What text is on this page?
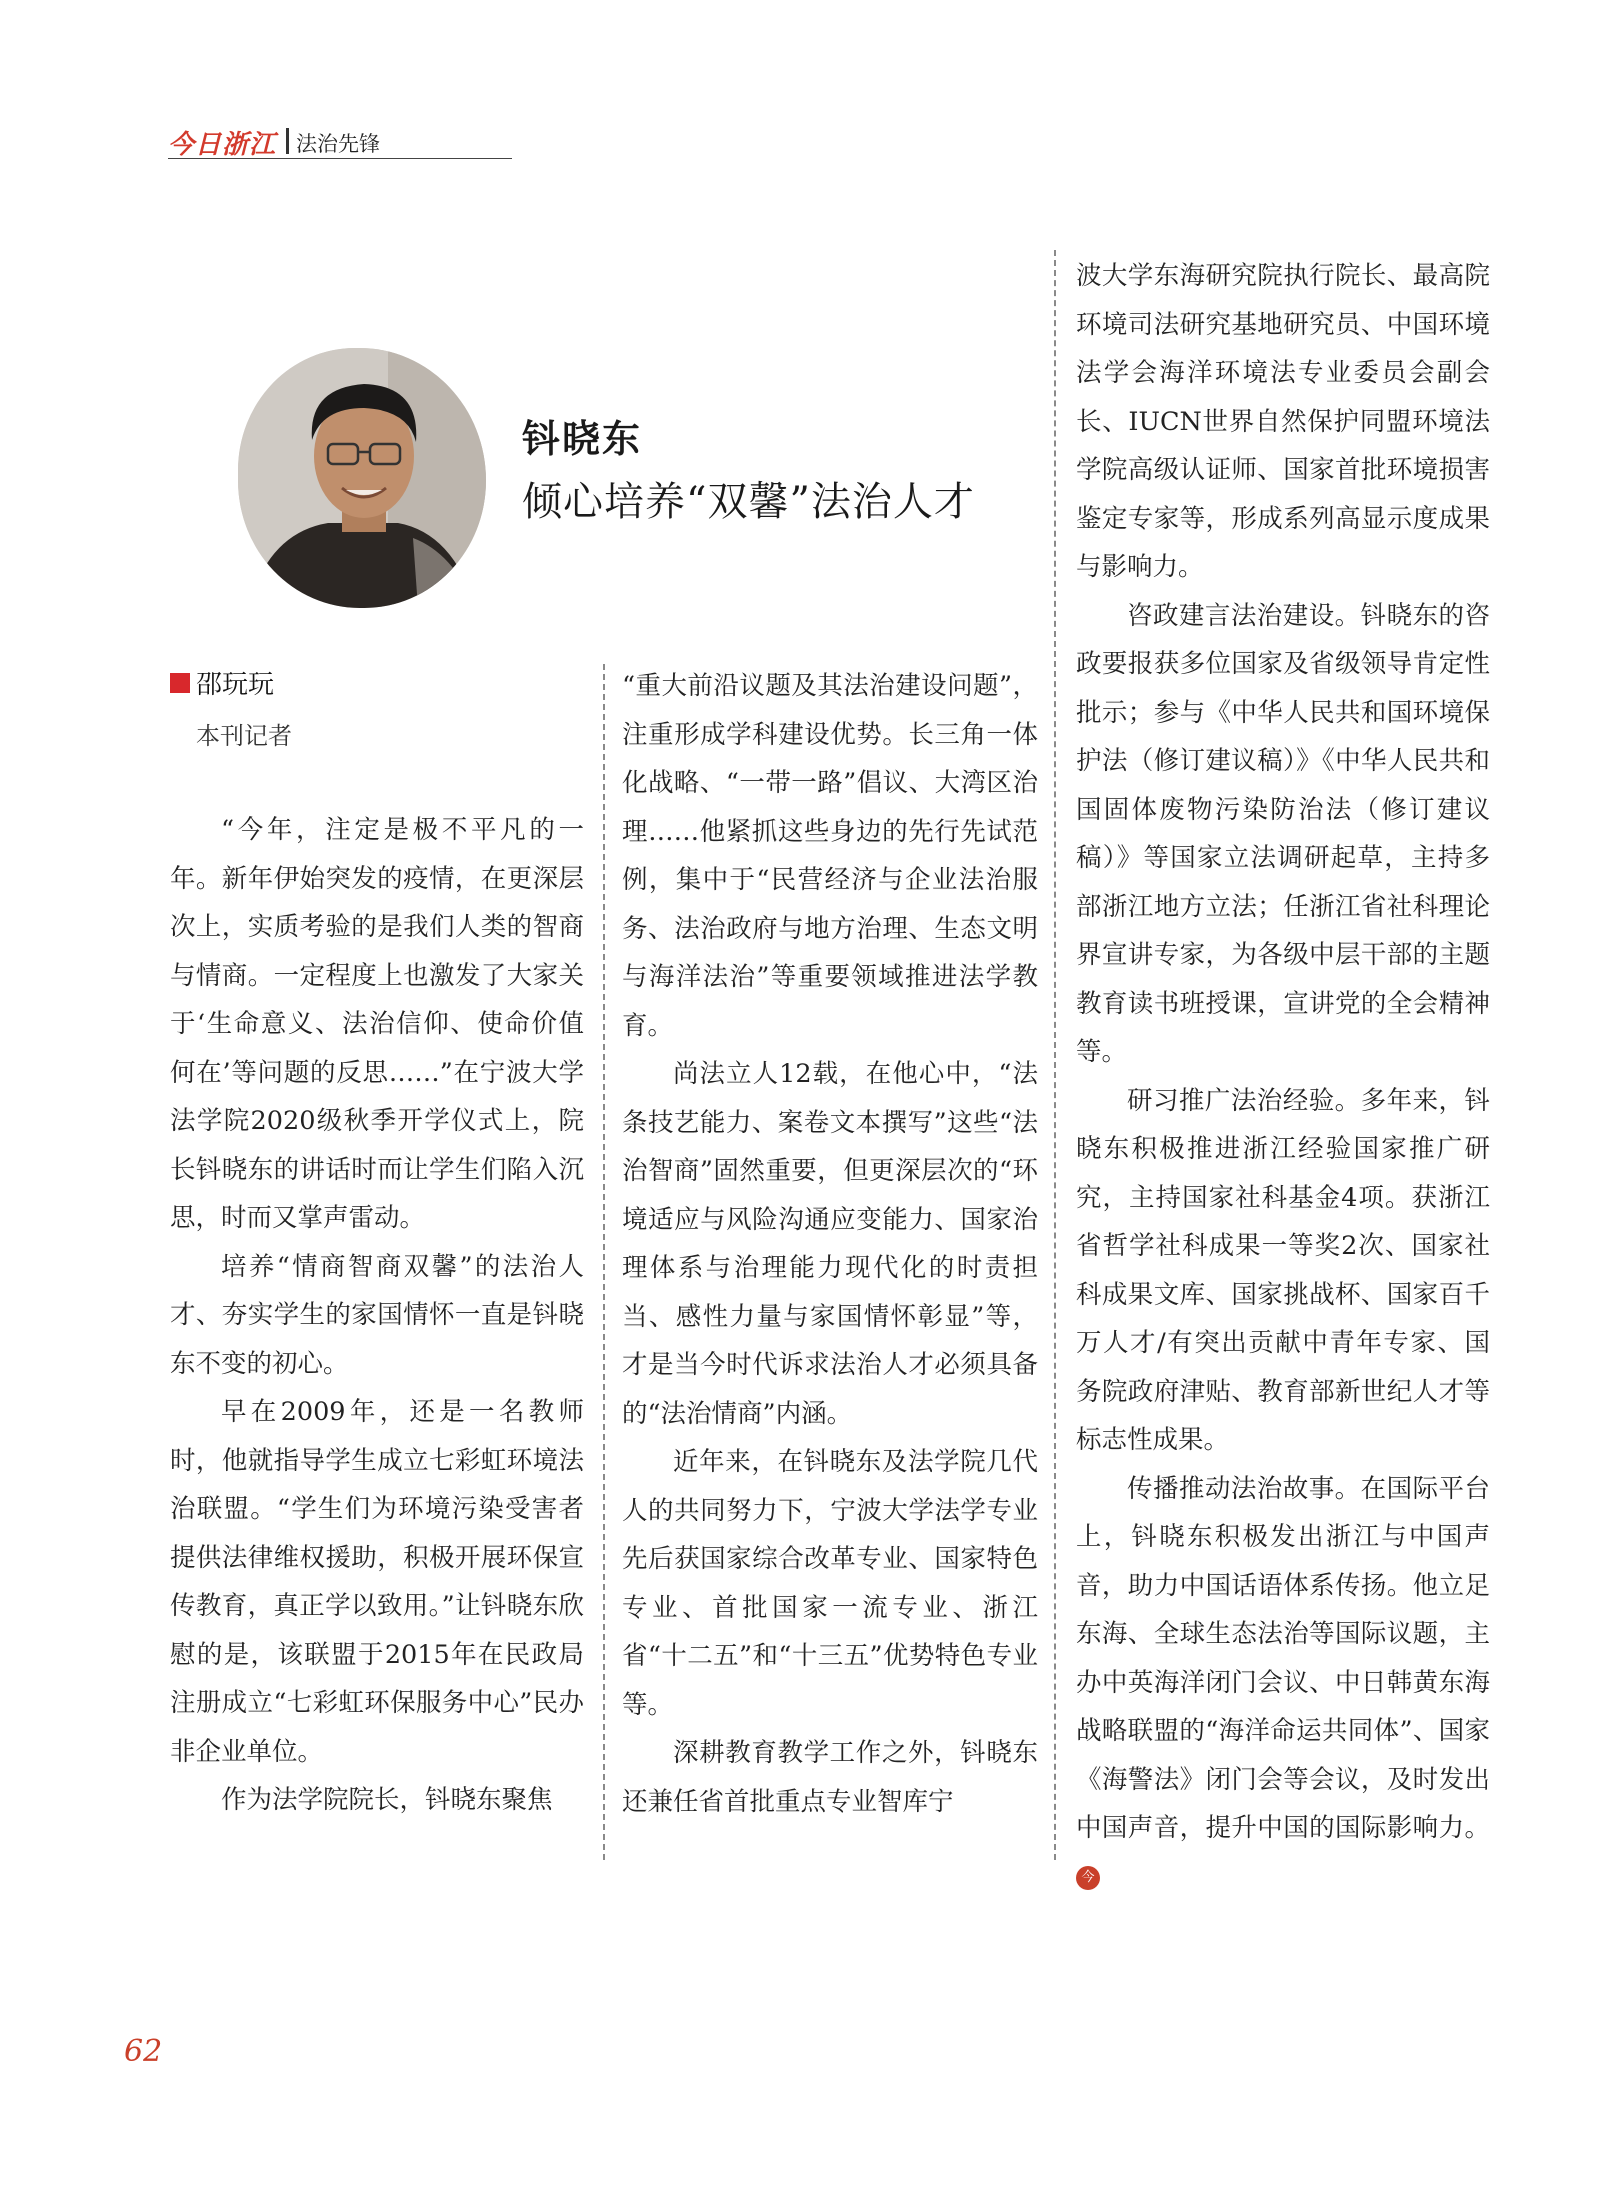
今日浙江 法治先锋
钭晓东
倾心培养“双馨”法治人才
邵玩玩
本刊记者

“今年，注定是极不平凡的一年。新年伊始突发的疫情，在更深层次上，实质考验的是我们人类的智商与情商。一定程度上也激发了大家关于‘生命意义、法治信仰、使命价值何在’等问题的反思……”在宁波大学法学院2020级秋季开学仪式上，院长钭晓东的讲话时而让学生们陷入沉思，时而又掌声雷动。

培养“情商智商双馨”的法治人才、夯实学生的家国情怀一直是钭晓东不变的初心。

早在2009年，还是一名教师时，他就指导学生成立七彩虹环境法治联盟。“学生们为环境污染受害者提供法律维权援助，积极开展环保宣传教育，真正学以致用。”让钭晓东欣慰的是，该联盟于2015年在民政局注册成立“七彩虹环保服务中心”民办非企业单位。

作为法学院院长，钭晓东聚焦

“重大前沿议题及其法治建设问题”，注重形成学科建设优势。长三角一体化战略、“一带一路”倡议、大湾区治理……他紧抓这些身边的先行先试范例，集中于“民营经济与企业法治服务、法治政府与地方治理、生态文明与海洋法治”等重要领域推进法学教育。

尚法立人12载，在他心中，“法条技艺能力、案卷文本撰写”这些“法治智商”固然重要，但更深层次的“环境适应与风险沟通应变能力、国家治理体系与治理能力现代化的时责担当、感性力量与家国情怀彰显”等，才是当今时代诉求法治人才必须具备的“法治情商”内涵。

近年来，在钭晓东及法学院几代人的共同努力下，宁波大学法学专业先后获国家综合改革专业、国家特色专业、首批国家一流专业、浙江省“十二五”和“十三五”优势特色专业等。

深耕教育教学工作之外，钭晓东还兼任省首批重点专业智库宁

波大学东海研究院执行院长、最高院环境司法研究基地研究员、中国环境法学会海洋环境法专业委员会副会长、IUCN世界自然保护同盟环境法学院高级认证师、国家首批环境损害鉴定专家等，形成系列高显示度成果与影响力。

咨政建言法治建设。钭晓东的咨政要报获多位国家及省级领导肯定性批示；参与《中华人民共和国环境保护法（修订建议稿）》《中华人民共和国固体废物污染防治法（修订建议稿）》等国家立法调研起草，主持多部浙江地方立法；任浙江省社科理论界宣讲专家，为各级中层干部的主题教育读书班授课，宣讲党的全会精神等。

研习推广法治经验。多年来，钭晓东积极推进浙江经验国家推广研究，主持国家社科基金4项。获浙江省哲学社科成果一等奖2次、国家社科成果文库、国家挑战杯、国家百千万人才/有突出贡献中青年专家、国务院政府津贴、教育部新世纪人才等标志性成果。

传播推动法治故事。在国际平台上，钭晓东积极发出浙江与中国声音，助力中国话语体系传扬。他立足东海、全球生态法治等国际议题，主办中英海洋闭门会议、中日韩黄东海战略联盟的“海洋命运共同体”、国家《海警法》闭门会等会议，及时发出中国声音，提升中国的国际影响力。今

62
